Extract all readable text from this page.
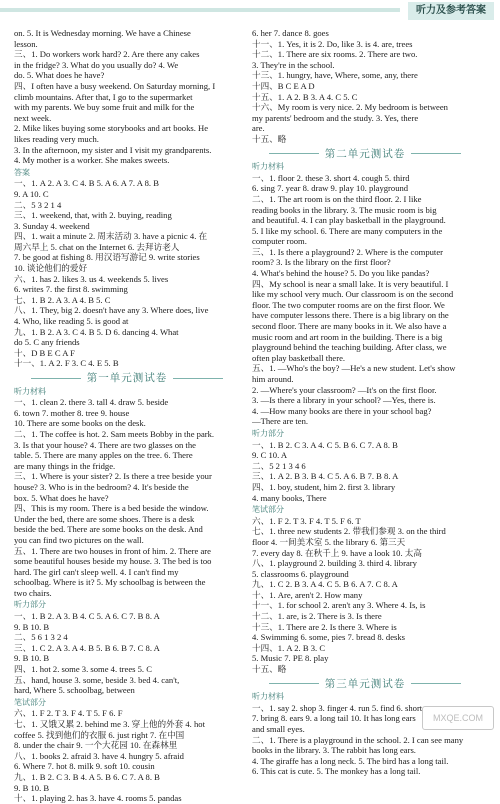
听力及参考答案
on. 5. It is Wednesday morning. We have a Chinese
lesson.
三、1. Do workers work hard? 2. Are there any cakes
in the fridge? 3. What do you usually do? 4. We
do. 5. What does he have?
四、I often have a busy weekend. On Saturday morning, I
climb mountains. After that, I go to the supermarket
with my parents. We buy some fruit and milk for the
next week.
2. Mike likes buying some storybooks and art books. He
likes reading very much.
3. In the afternoon, my sister and I visit my grandparents.
4. My mother is a worker. She makes sweets.
答案
一、1. A 2. A 3. C 4. B 5. A 6. A 7. A 8. B
9. A 10. C
二、5 3 2 1 4
三、1. weekend, that, with 2. buying, reading
3. Sunday 4. weekend
四、1. wait a minute 2. 周末活动 3. have a picnic 4. 在
周六早上 5. chat on the Internet 6. 去拜访老人
7. be good at fishing 8. 用汉语写游记 9. write stories
10. 谈论他们的爱好
六、1. has 2. likes 3. us 4. weekends 5. lives
6. writes 7. the first 8. swimming
七、1. B 2. A 3. A 4. B 5. C
八、1. They, big 2. doesn't have any 3. Where does, live
4. Who, like reading 5. is good at
九、1. B 2. A 3. C 4. B 5. D 6. dancing 4. What
do 5. C any friends
十、D B E C A F
十一、1. A 2. F 3. C 4. E 5. B
第一单元测试卷
听力材料
一、1. clean 2. there 3. tall 4. draw 5. beside
6. town 7. mother 8. tree 9. house
10. There are some books on the desk.
二、1. The coffee is hot. 2. Sam meets Bobby in the park.
3. Is that your house? 4. There are two glasses on the
table. 5. There are many apples on the tree. 6. There
are many things in the fridge.
三、1. Where is your sister? 2. Is there a tree beside your
house? 3. Who is in the bedroom? 4. It's beside the
box. 5. What does he have?
四、This is my room. There is a bed beside the window.
Under the bed, there are some shoes. There is a desk
beside the bed. There are some books on the desk. And
you can find two pictures on the wall.
五、1. There are two houses in front of him. 2. There are
some beautiful houses beside my house. 3. The bed is too
hard. The girl can't sleep well. 4. I can't find my
schoolbag. Where is it? 5. My schoolbag is between the
two chairs.
听力部分
一、1. B 2. A 3. B 4. C 5. A 6. C 7. B 8. A
9. B 10. B
二、5 6 1 3 2 4
三、1. C 2. A 3. A 4. B 5. B 6. B 7. C 8. A
9. B 10. B
四、1. hot 2. some 3. some 4. trees 5. C
五、hand, house 3. some, beside 3. bed 4. can't,
hard, Where 5. schoolbag, between
笔试部分
六、1. F 2. T 3. F 4. T 5. F 6. F
七、1. 又饿又累 2. behind me 3. 穿上他的外套 4. hot
coffee 5. 找到他们的衣服 6. just right 7. 在中国
8. under the chair 9. 一个大花园 10. 在森林里
八、1. books 2. afraid 3. have 4. hungry 5. afraid
6. Where 7. hot 8. milk 9. soft 10. cousin
九、1. B 2. C 3. B 4. A 5. B 6. C 7. A 8. B
9. B 10. B
十、1. playing 2. has 3. have 4. rooms 5. pandas
6. her 7. dance 8. goes
十一、1. Yes, it is 2. Do, like 3. is 4. are, trees
十二、1. There are six rooms. 2. There are two.
3. They're in the school.
十三、1. hungry, have, Where, some, any, there
十四、B C E A D
十五、1. A 2. B 3. A 4. C 5. C
十六、My room is very nice. 2. My bedroom is between
my parents' bedroom and the study. 3. Yes, there
are.
十五、略
第二单元测试卷
听力材料
一、1. floor 2. these 3. short 4. cough 5. third
6. sing 7. year 8. draw 9. play 10. playground
二、1. The art room is on the third floor. 2. I like
reading books in the library. 3. The music room is big
and beautiful. 4. I can play basketball in the playground.
5. I like my school. 6. There are many computers in the
computer room.
三、1. Is there a playground? 2. Where is the computer
room? 3. Is the library on the first floor?
4. What's behind the house? 5. Do you like pandas?
四、My school is near a small lake. It is very beautiful. I
like my school very much. Our classroom is on the second
floor. The two computer rooms are on the first floor. We
have computer lessons there. There is a big library on the
second floor. There are many books in it. We also have a
music room and art room in the building. There is a big
playground behind the teaching building. After class, we
often play basketball there.
五、1. —Who's the boy? —He's a new student. Let's show
him around.
2. —Where's your classroom? —It's on the first floor.
3. —Is there a library in your school? —Yes, there is.
4. —How many books are there in your school bag?
—There are ten.
听力部分
一、1. B 2. C 3. A 4. C 5. B 6. C 7. A 8. B
9. C 10. A
二、5 2 1 3 4 6
三、1. A 2. B 3. B 4. C 5. A 6. B 7. B 8. A
四、1. boy, student, him 2. first 3. library
4. many books, There
笔试部分
六、1. F 2. T 3. F 4. T 5. F 6. T
七、1. three new students 2. 带我们参观 3. on the third
floor 4. 一间美术室 5. the library 6. 第三天
7. every day 8. 在秋千上 9. have a look 10. 太高
八、1. playground 2. building 3. third 4. library
5. classrooms 6. playground
九、1. C 2. B 3. A 4. C 5. B 6. A 7. C 8. A
十、1. Are, aren't 2. How many
十一、1. for school 2. aren't any 3. Where 4. Is, is
十二、1. are, is 2. There is 3. Is there
十三、1. There are 2. Is there 3. Where is
4. Swimming 6. some, pies 7. bread 8. desks
十四、1. A 2. B 3. C
5. Music 7. PE 8. play
十五、略
第三单元测试卷
听力材料
一、1. say 2. shop 3. finger 4. run 5. find 6. short
7. bring 8. ears 9. a long tail 10. It has long ears
and small eyes.
二、1. There is a playground in the school. 2. I can see many
books in the library. 3. The rabbit has long ears.
4. The giraffe has a long neck. 5. The bird has a long tail.
6. This cat is cute. 5. The monkey has a long tail.
MXQE.COM
